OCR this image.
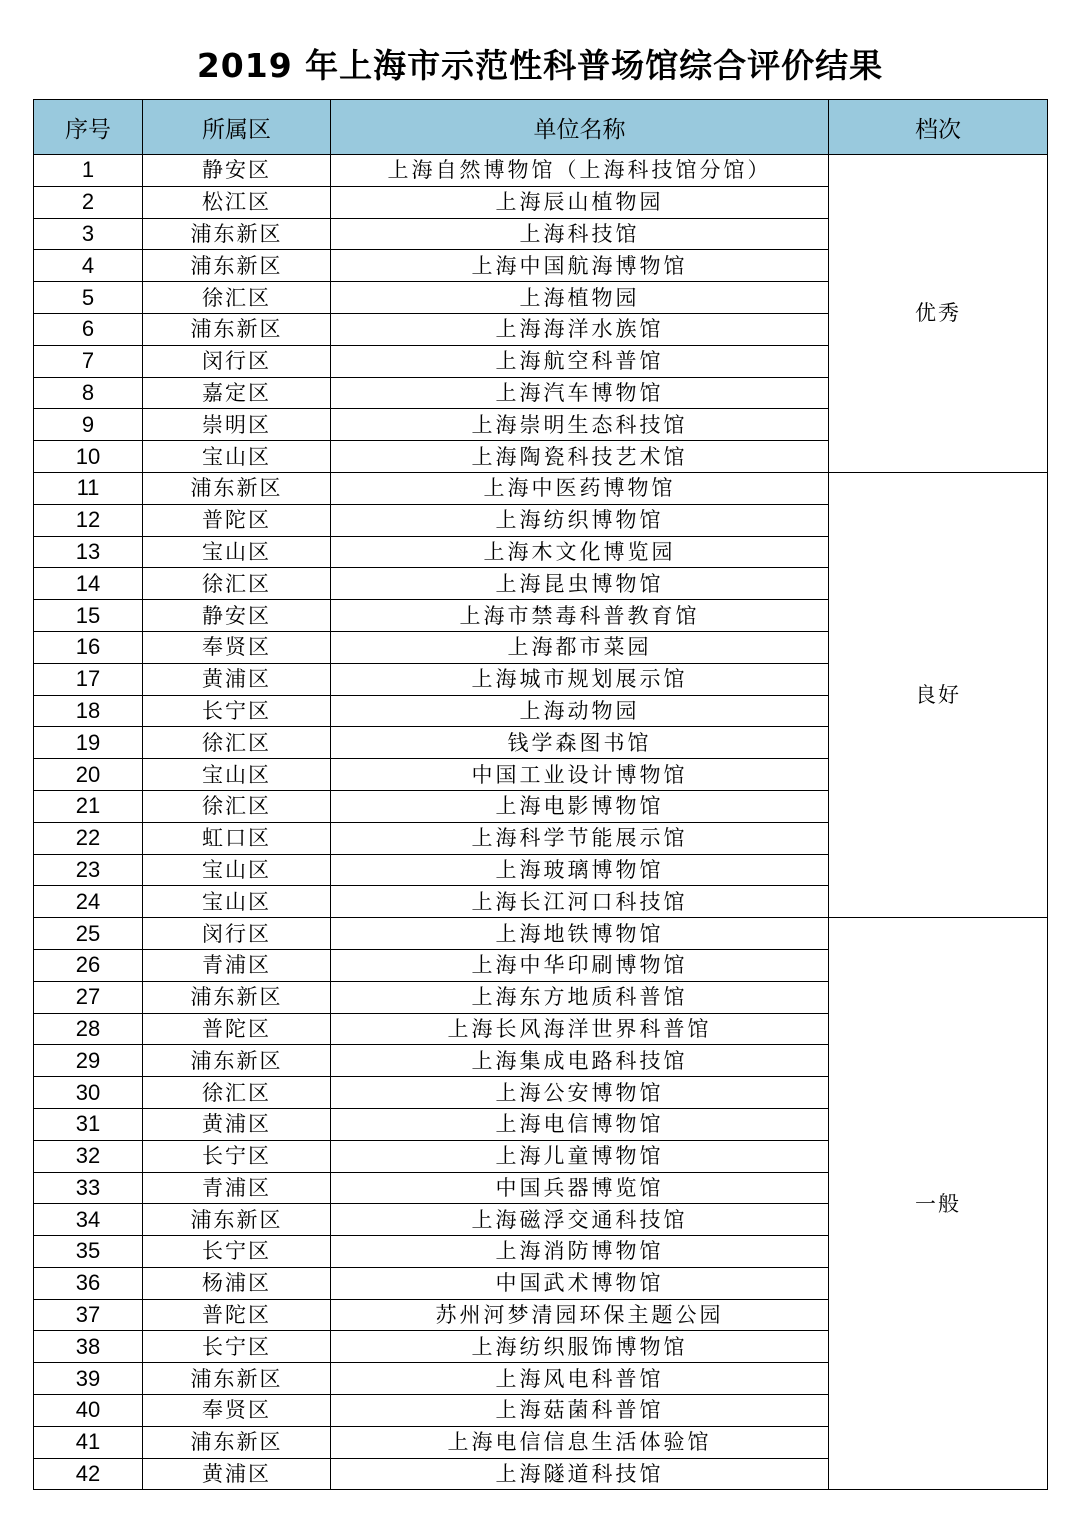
2019 年上海市示范性科普场馆综合评价结果
序号	所属区	单位名称	档次
1	静安区	上海自然博物馆（上海科技馆分馆）	优秀
2	松江区	上海辰山植物园	
3	浦东新区	上海科技馆	
4	浦东新区	上海中国航海博物馆	
5	徐汇区	上海植物园	
6	浦东新区	上海海洋水族馆	
7	闵行区	上海航空科普馆	
8	嘉定区	上海汽车博物馆	
9	崇明区	上海崇明生态科技馆	
10	宝山区	上海陶瓷科技艺术馆	
11	浦东新区	上海中医药博物馆	良好
12	普陀区	上海纺织博物馆	
13	宝山区	上海木文化博览园	
14	徐汇区	上海昆虫博物馆	
15	静安区	上海市禁毒科普教育馆	
16	奉贤区	上海都市菜园	
17	黄浦区	上海城市规划展示馆	
18	长宁区	上海动物园	
19	徐汇区	钱学森图书馆	
20	宝山区	中国工业设计博物馆	
21	徐汇区	上海电影博物馆	
22	虹口区	上海科学节能展示馆	
23	宝山区	上海玻璃博物馆	
24	宝山区	上海长江河口科技馆	
25	闵行区	上海地铁博物馆	一般
26	青浦区	上海中华印刷博物馆	
27	浦东新区	上海东方地质科普馆	
28	普陀区	上海长风海洋世界科普馆	
29	浦东新区	上海集成电路科技馆	
30	徐汇区	上海公安博物馆	
31	黄浦区	上海电信博物馆	
32	长宁区	上海儿童博物馆	
33	青浦区	中国兵器博览馆	
34	浦东新区	上海磁浮交通科技馆	
35	长宁区	上海消防博物馆	
36	杨浦区	中国武术博物馆	
37	普陀区	苏州河梦清园环保主题公园	
38	长宁区	上海纺织服饰博物馆	
39	浦东新区	上海风电科普馆	
40	奉贤区	上海菇菌科普馆	
41	浦东新区	上海电信信息生活体验馆	
42	黄浦区	上海隧道科技馆	
